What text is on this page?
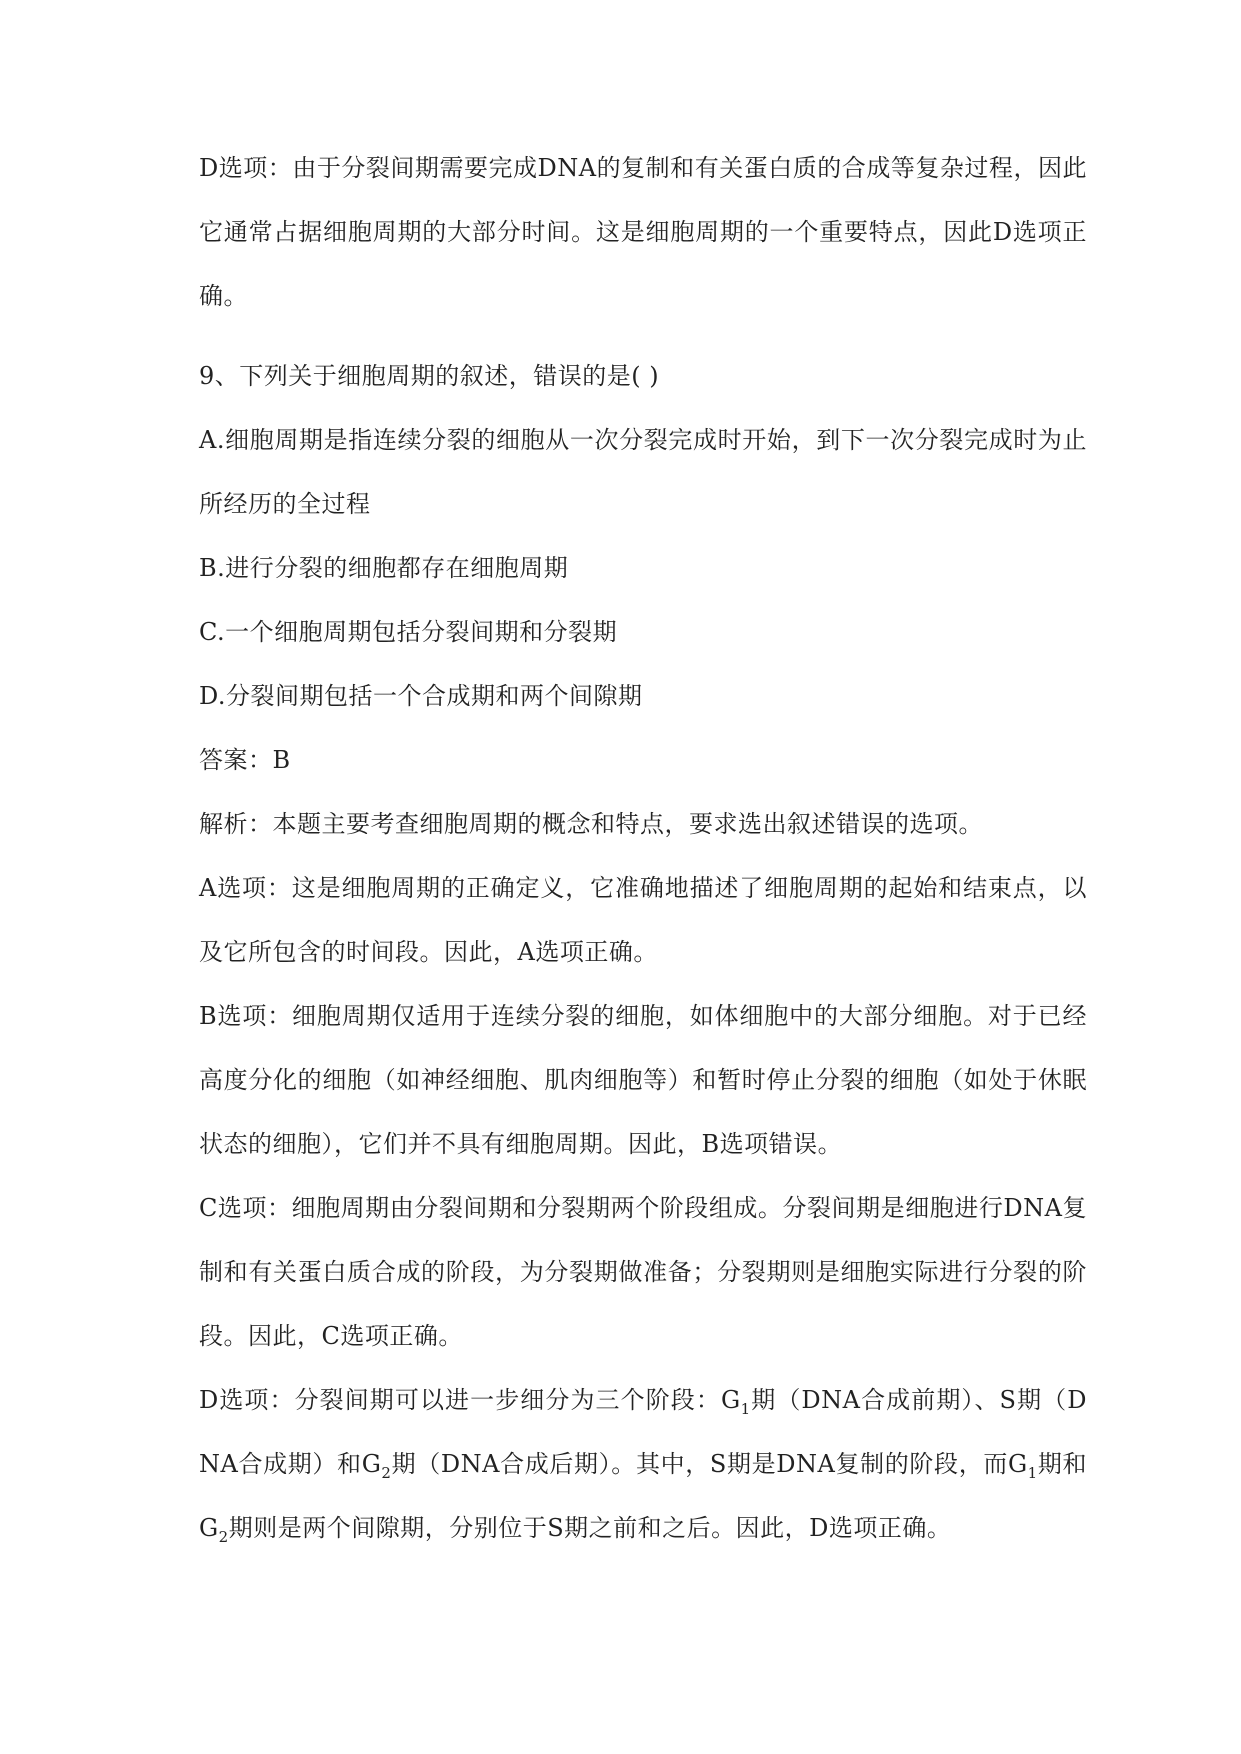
D选项：由于分裂间期需要完成DNA的复制和有关蛋白质的合成等复杂过程，因此它通常占据细胞周期的大部分时间。这是细胞周期的一个重要特点，因此D选项正确。

9、下列关于细胞周期的叙述，错误的是( )

A.细胞周期是指连续分裂的细胞从一次分裂完成时开始，到下一次分裂完成时为止所经历的全过程

B.进行分裂的细胞都存在细胞周期

C.一个细胞周期包括分裂间期和分裂期

D.分裂间期包括一个合成期和两个间隙期

答案：B

解析：本题主要考查细胞周期的概念和特点，要求选出叙述错误的选项。

A选项：这是细胞周期的正确定义，它准确地描述了细胞周期的起始和结束点，以及它所包含的时间段。因此，A选项正确。

B选项：细胞周期仅适用于连续分裂的细胞，如体细胞中的大部分细胞。对于已经高度分化的细胞（如神经细胞、肌肉细胞等）和暂时停止分裂的细胞（如处于休眠状态的细胞），它们并不具有细胞周期。因此，B选项错误。

C选项：细胞周期由分裂间期和分裂期两个阶段组成。分裂间期是细胞进行DNA复制和有关蛋白质合成的阶段，为分裂期做准备；分裂期则是细胞实际进行分裂的阶段。因此，C选项正确。

D选项：分裂间期可以进一步细分为三个阶段：$G_1$期（DNA合成前期）、S期（DNA合成期）和$G_2$期（DNA合成后期）。其中，S期是DNA复制的阶段，而$G_1$期和$G_2$期则是两个间隙期，分别位于S期之前和之后。因此，D选项正确。
